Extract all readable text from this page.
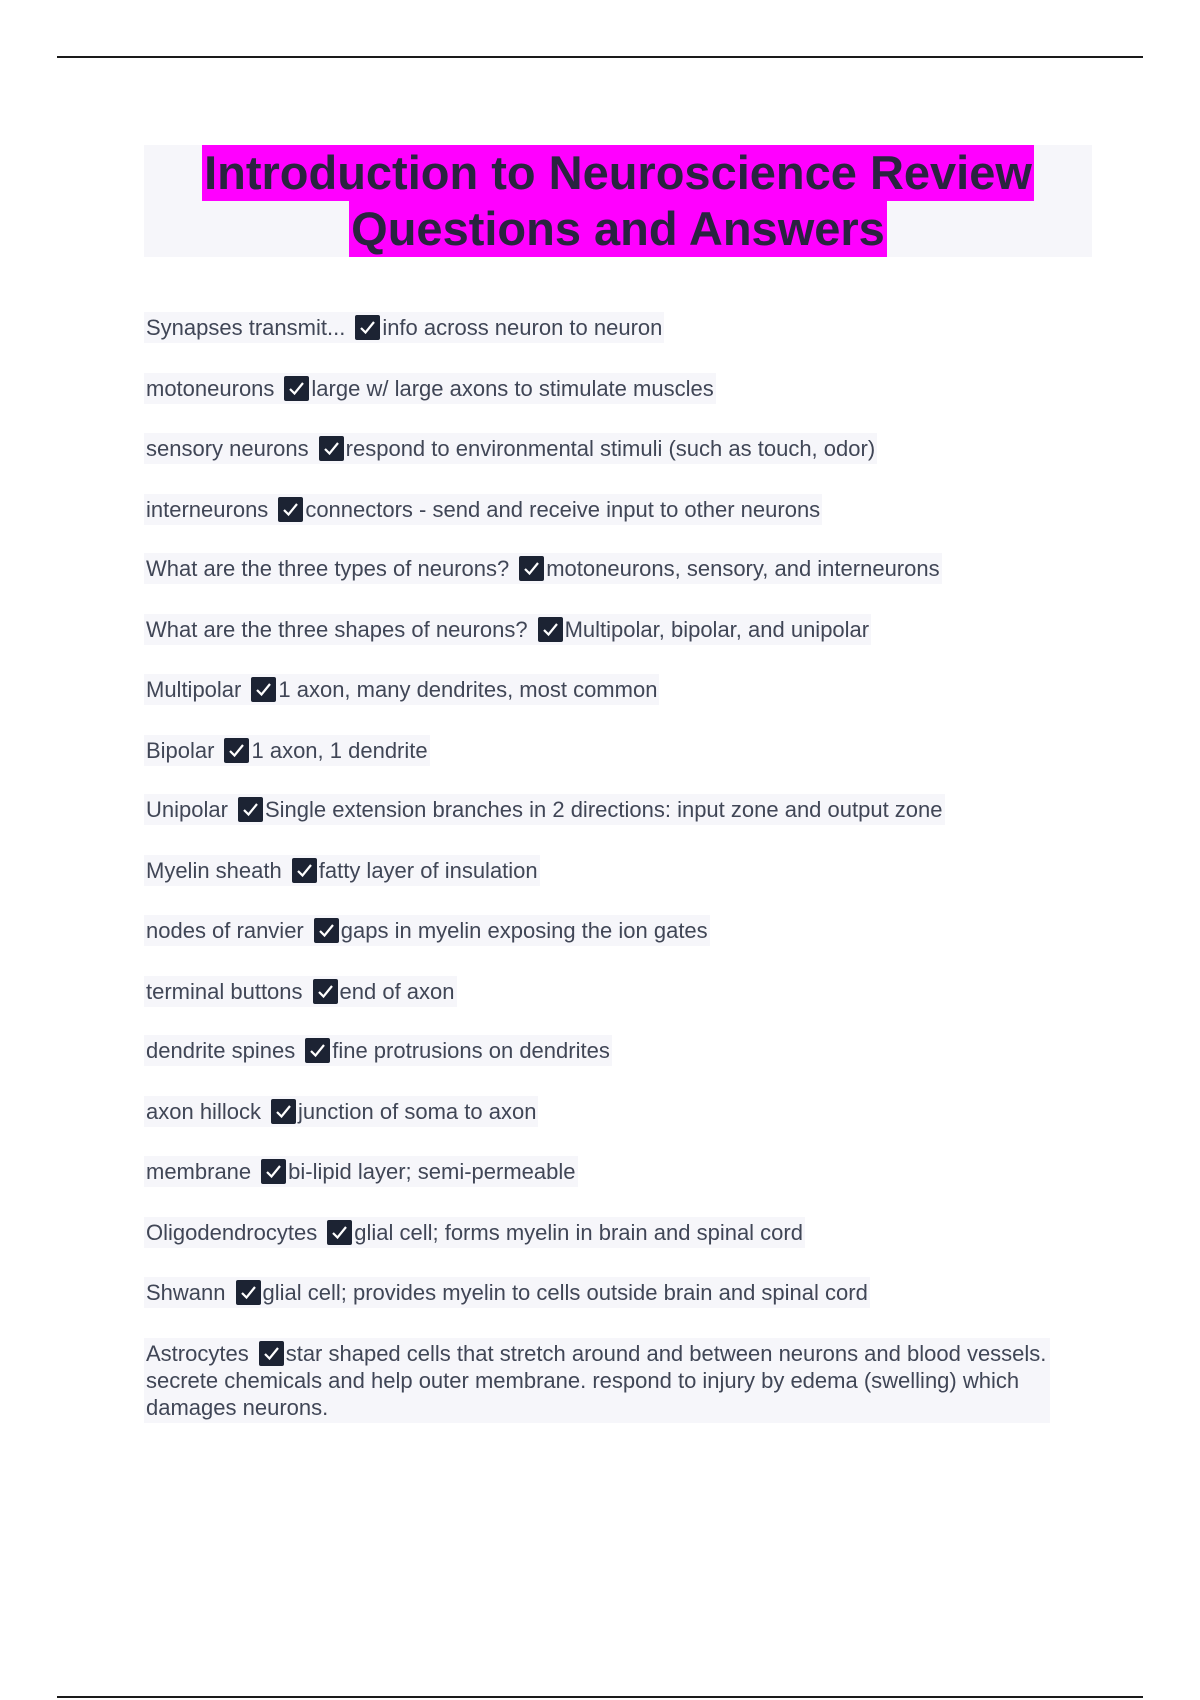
Introduction to Neuroscience Review
Questions and Answers
Synapses transmit... info across neuron to neuron
motoneurons large w/ large axons to stimulate muscles
sensory neurons respond to environmental stimuli (such as touch, odor)
interneurons connectors - send and receive input to other neurons
What are the three types of neurons? motoneurons, sensory, and interneurons
What are the three shapes of neurons? Multipolar, bipolar, and unipolar
Multipolar 1 axon, many dendrites, most common
Bipolar 1 axon, 1 dendrite
Unipolar Single extension branches in 2 directions: input zone and output zone
Myelin sheath fatty layer of insulation
nodes of ranvier gaps in myelin exposing the ion gates
terminal buttons end of axon
dendrite spines fine protrusions on dendrites
axon hillock junction of soma to axon
membrane bi-lipid layer; semi-permeable
Oligodendrocytes glial cell; forms myelin in brain and spinal cord
Shwann glial cell; provides myelin to cells outside brain and spinal cord
Astrocytes star shaped cells that stretch around and between neurons and blood vessels. secrete chemicals and help outer membrane. respond to injury by edema (swelling) which damages neurons.
